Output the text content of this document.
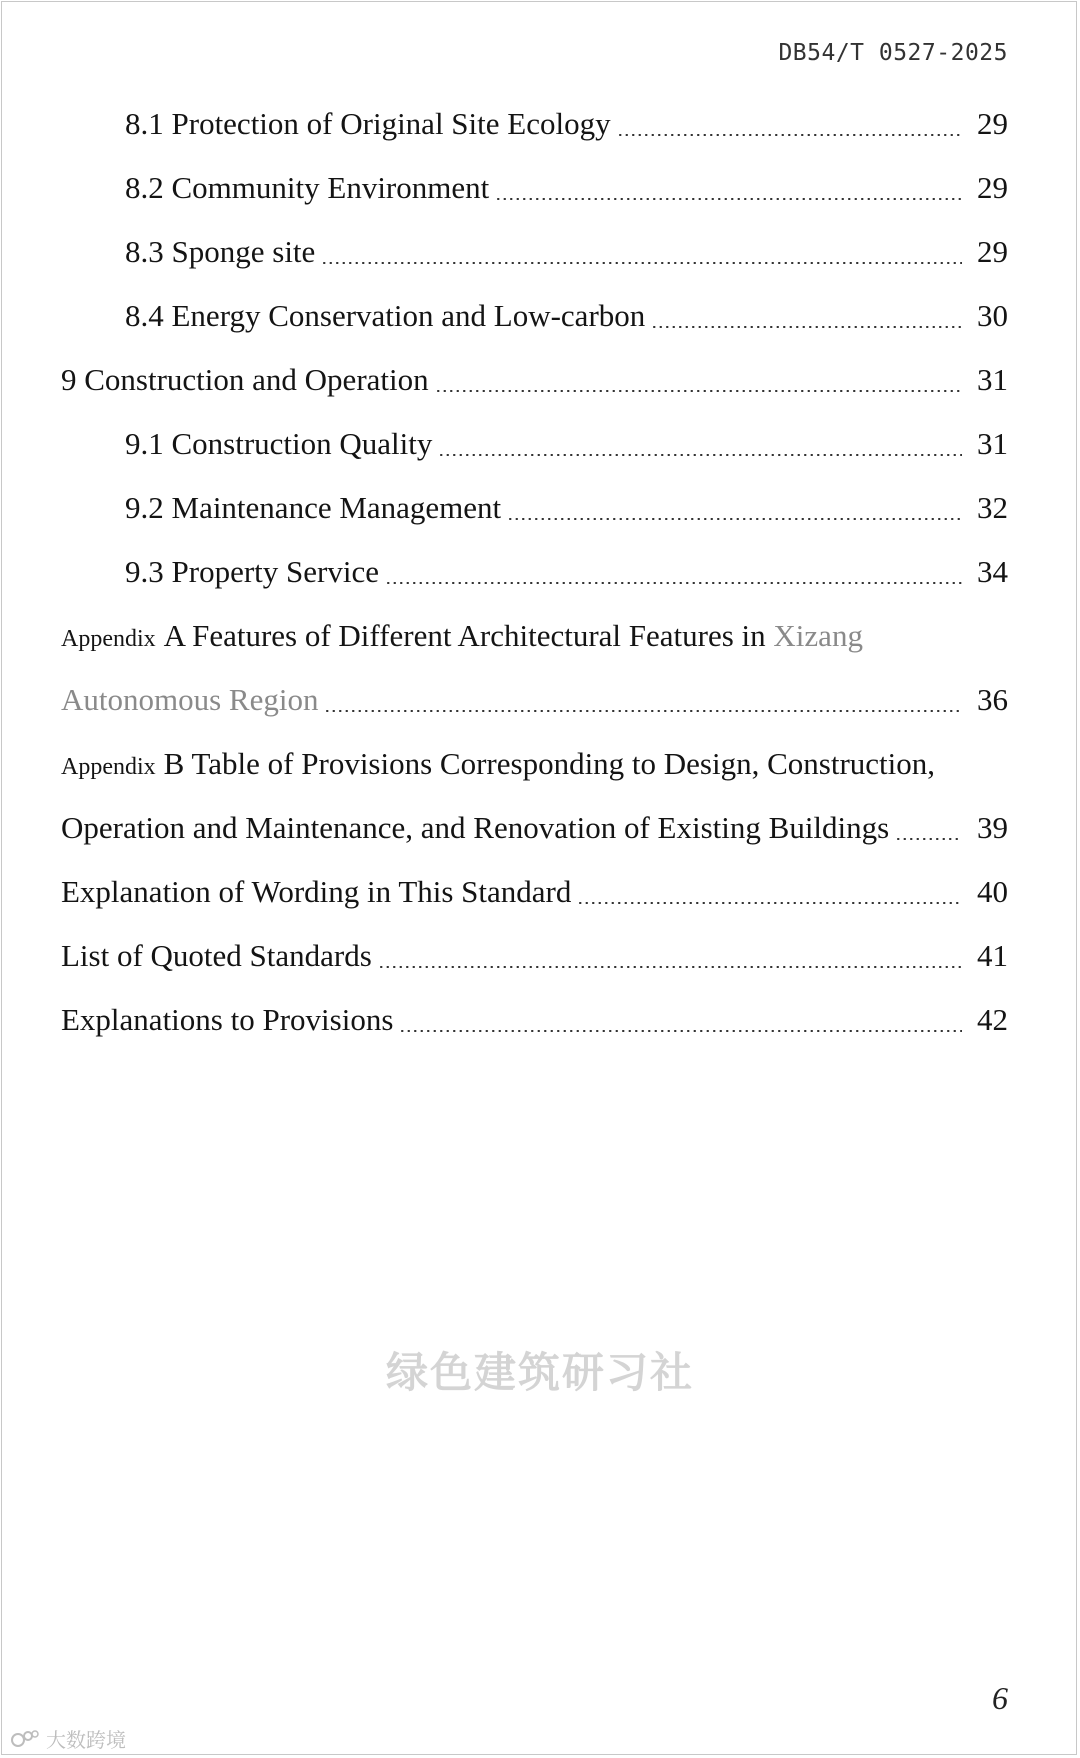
DB54/T 0527-2025
8.1 Protection of Original Site Ecology	29
8.2 Community Environment	29
8.3 Sponge site	29
8.4 Energy Conservation and Low-carbon	30
9 Construction and Operation	31
9.1 Construction Quality	31
9.2 Maintenance Management	32
9.3 Property Service	34
Appendix A Features of Different Architectural Features in Xizang
Autonomous Region	36
Appendix B Table of Provisions Corresponding to Design, Construction,
Operation and Maintenance, and Renovation of Existing Buildings	39
Explanation of Wording in This Standard	40
List of Quoted Standards	41
Explanations to Provisions	42
绿色建筑研习社
6
大数跨境
